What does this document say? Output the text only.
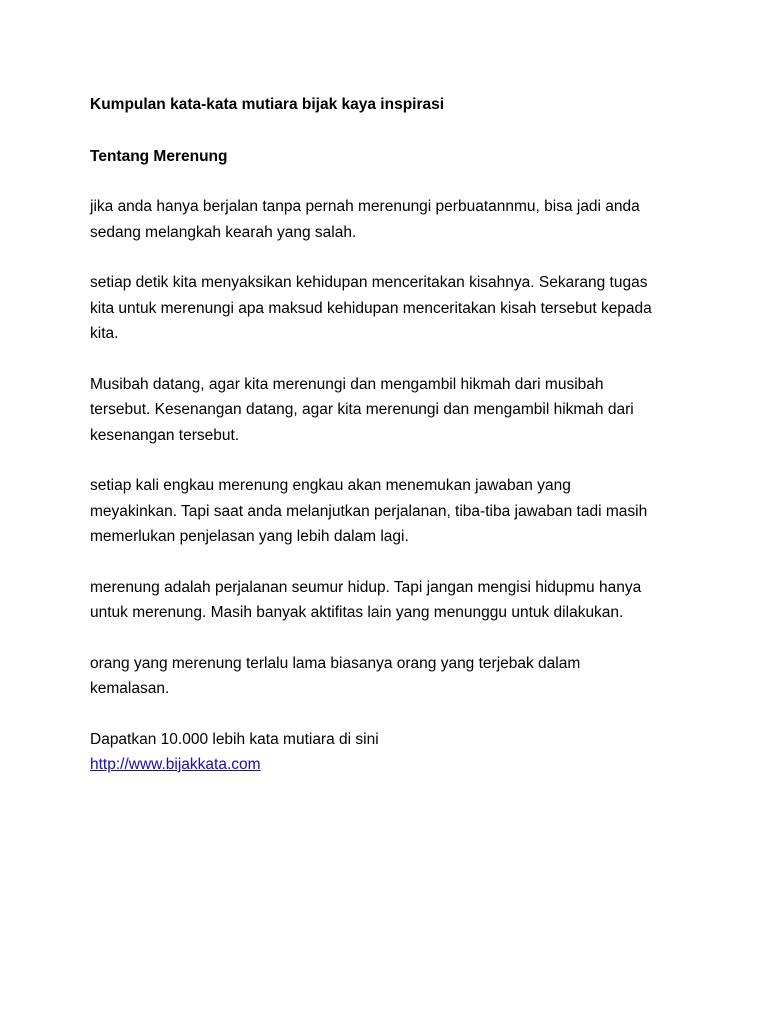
Kumpulan kata-kata mutiara bijak kaya inspirasi
Tentang Merenung
jika anda hanya berjalan tanpa pernah merenungi perbuatannmu, bisa jadi anda
sedang melangkah kearah yang salah.
setiap detik kita menyaksikan kehidupan menceritakan kisahnya. Sekarang tugas
kita untuk merenungi apa maksud kehidupan menceritakan kisah tersebut kepada
kita.
Musibah datang, agar kita merenungi dan mengambil hikmah dari musibah
tersebut. Kesenangan datang, agar kita merenungi dan mengambil hikmah dari
kesenangan tersebut.
setiap kali engkau merenung engkau akan menemukan jawaban yang
meyakinkan. Tapi saat anda melanjutkan perjalanan, tiba-tiba jawaban tadi masih
memerlukan penjelasan yang lebih dalam lagi.
merenung adalah perjalanan seumur hidup. Tapi jangan mengisi hidupmu hanya
untuk merenung. Masih banyak aktifitas lain yang menunggu untuk dilakukan.
orang yang merenung terlalu lama biasanya orang yang terjebak dalam
kemalasan.
Dapatkan 10.000 lebih kata mutiara di sini
http://www.bijakkata.com
